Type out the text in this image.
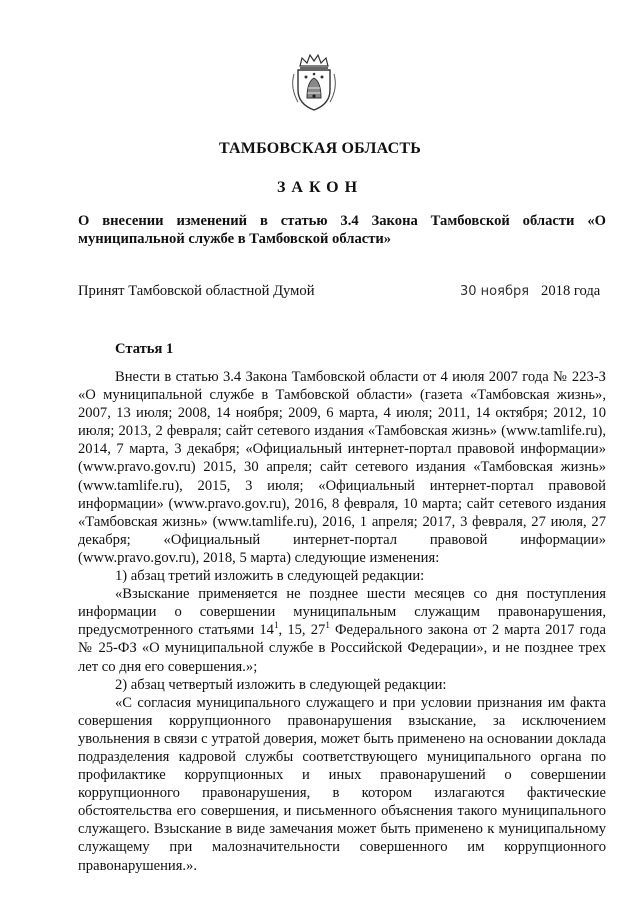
ТАМБОВСКАЯ ОБЛАСТЬ
ЗАКОН
О внесении изменений в статью 3.4 Закона Тамбовской области «О муниципальной службе в Тамбовской области»
Принят Тамбовской областной Думой	30 ноября 2018 года
Статья 1

Внести в статью 3.4 Закона Тамбовской области от 4 июля 2007 года № 223-З «О муниципальной службе в Тамбовской области» (газета «Тамбовская жизнь», 2007, 13 июля; 2008, 14 ноября; 2009, 6 марта, 4 июля; 2011, 14 октября; 2012, 10 июля; 2013, 2 февраля; сайт сетевого издания «Тамбовская жизнь» (www.tamlife.ru), 2014, 7 марта, 3 декабря; «Официальный интернет-портал правовой информации» (www.pravo.gov.ru) 2015, 30 апреля; сайт сетевого издания «Тамбовская жизнь» (www.tamlife.ru), 2015, 3 июля; «Официальный интернет-портал правовой информации» (www.pravo.gov.ru), 2016, 8 февраля, 10 марта; сайт сетевого издания «Тамбовская жизнь» (www.tamlife.ru), 2016, 1 апреля; 2017, 3 февраля, 27 июля, 27 декабря; «Официальный интернет-портал правовой информации» (www.pravo.gov.ru), 2018, 5 марта) следующие изменения:

1) абзац третий изложить в следующей редакции:

«Взыскание применяется не позднее шести месяцев со дня поступления информации о совершении муниципальным служащим правонарушения, предусмотренного статьями $14^1$, 15, $27^1$ Федерального закона от 2 марта 2017 года № 25-ФЗ «О муниципальной службе в Российской Федерации», и не позднее трех лет со дня его совершения.»;

2) абзац четвертый изложить в следующей редакции:

«С согласия муниципального служащего и при условии признания им факта совершения коррупционного правонарушения взыскание, за исключением увольнения в связи с утратой доверия, может быть применено на основании доклада подразделения кадровой службы соответствующего муниципального органа по профилактике коррупционных и иных правонарушений о совершении коррупционного правонарушения, в котором излагаются фактические обстоятельства его совершения, и письменного объяснения такого муниципального служащего. Взыскание в виде замечания может быть применено к муниципальному служащему при малозначительности совершенного им коррупционного правонарушения.».
